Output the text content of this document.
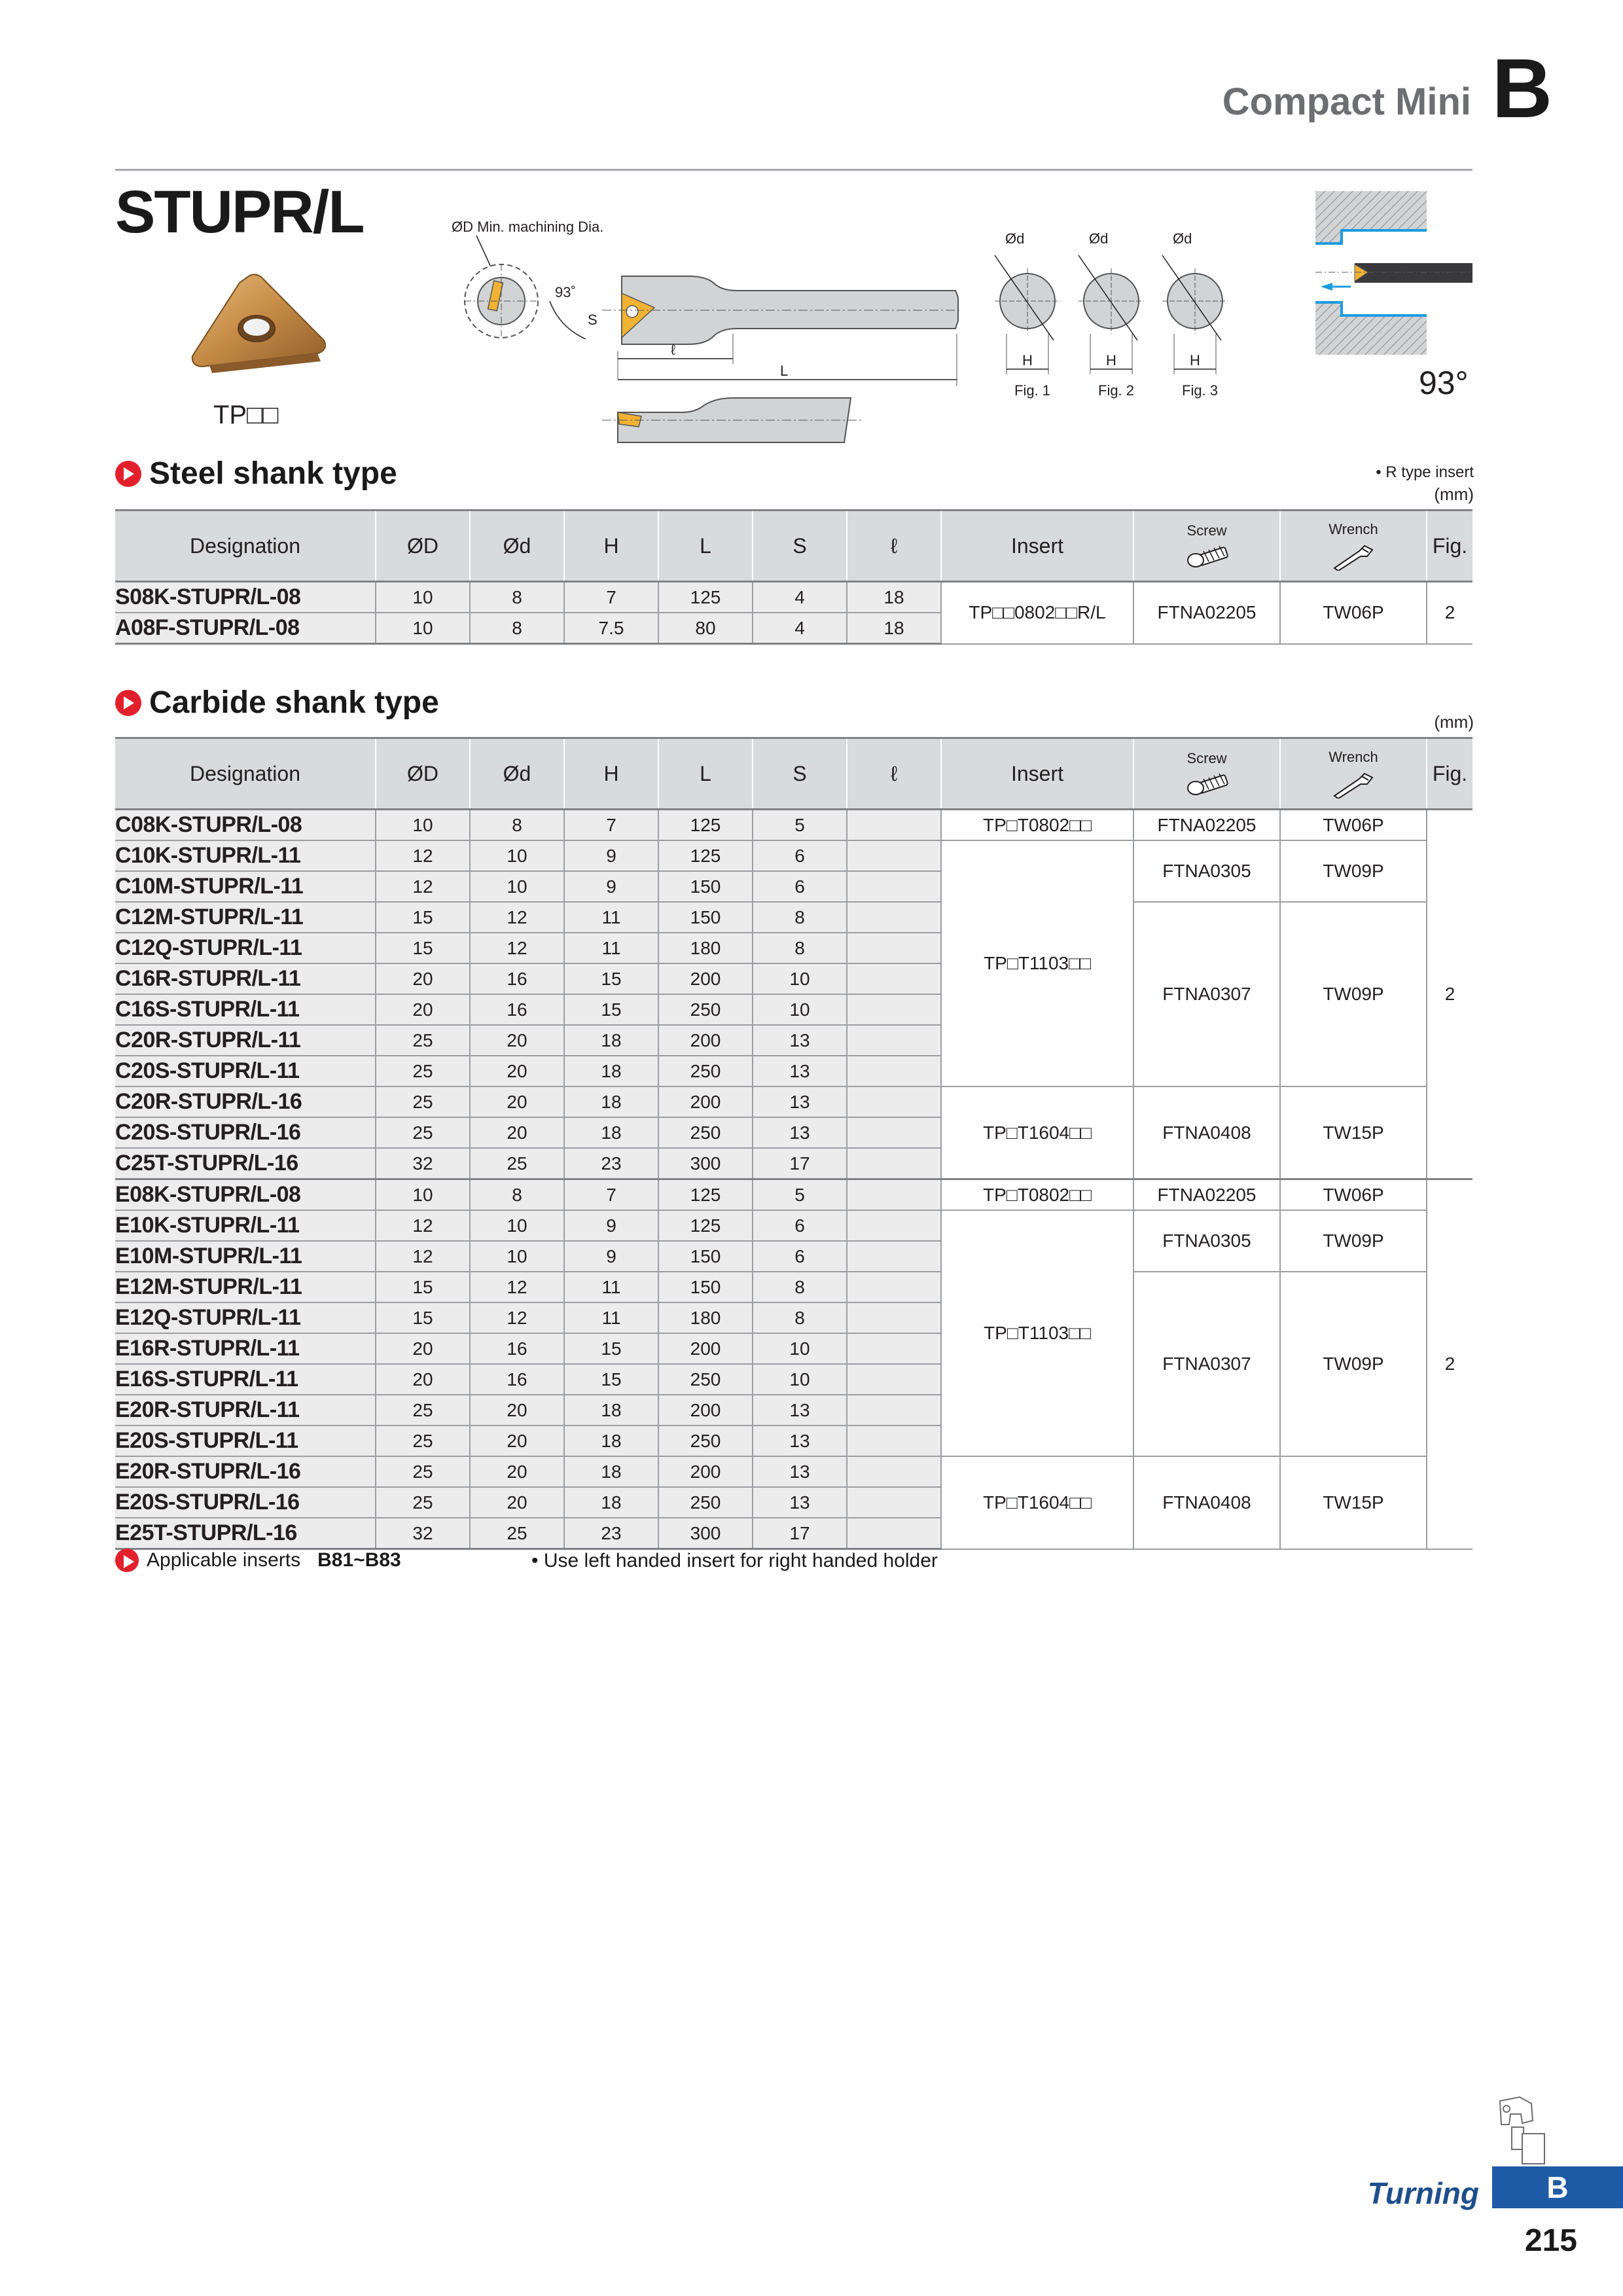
Compact Mini B
STUPR/L
TP□□
ØD Min. machining Dia.
93˚
S
ℓ
L
Ød	Ød	Ød
H
Fig. 1
H
Fig. 2
H
Fig. 3	93°
Steel shank type	• R type insert
(mm)
Designation	ØD	Ød	H	L	S	ℓ	Insert	Screw	Wrench	Fig.
S08K-STUPR/L-08	10	8	7	125	4	18	TP□□0802□□R/L	FTNA02205	TW06P	2
A08F-STUPR/L-08	10	8	7.5	80	4	18				
Carbide shank type
(mm)
Designation	ØD	Ød	H	L	S	ℓ	Insert	Screw	Wrench	Fig.
C08K-STUPR/L-08	10	8	7	125	5		TP□T0802□□	FTNA02205	TW06P	2
C10K-STUPR/L-11	12	10	9	125	6		TP□T1103□□	FTNA0305	TW09P	
C10M-STUPR/L-11	12	10	9	150	6					
C12M-STUPR/L-11	15	12	11	150	8			FTNA0307	TW09P	
C12Q-STUPR/L-11	15	12	11	180	8					
C16R-STUPR/L-11	20	16	15	200	10					
C16S-STUPR/L-11	20	16	15	250	10					
C20R-STUPR/L-11	25	20	18	200	13					
C20S-STUPR/L-11	25	20	18	250	13					
C20R-STUPR/L-16	25	20	18	200	13		TP□T1604□□	FTNA0408	TW15P	
C20S-STUPR/L-16	25	20	18	250	13					
C25T-STUPR/L-16	32	25	23	300	17					
E08K-STUPR/L-08	10	8	7	125	5		TP□T0802□□	FTNA02205	TW06P	2
E10K-STUPR/L-11	12	10	9	125	6		TP□T1103□□	FTNA0305	TW09P	
E10M-STUPR/L-11	12	10	9	150	6					
E12M-STUPR/L-11	15	12	11	150	8			FTNA0307	TW09P	
E12Q-STUPR/L-11	15	12	11	180	8					
E16R-STUPR/L-11	20	16	15	200	10					
E16S-STUPR/L-11	20	16	15	250	10					
E20R-STUPR/L-11	25	20	18	200	13					
E20S-STUPR/L-11	25	20	18	250	13					
E20R-STUPR/L-16	25	20	18	200	13		TP□T1604□□	FTNA0408	TW15P	
E20S-STUPR/L-16	25	20	18	250	13					
E25T-STUPR/L-16	32	25	23	300	17					
Applicable inserts B81~B83	• Use left handed insert for right handed holder
Turning	B
215
